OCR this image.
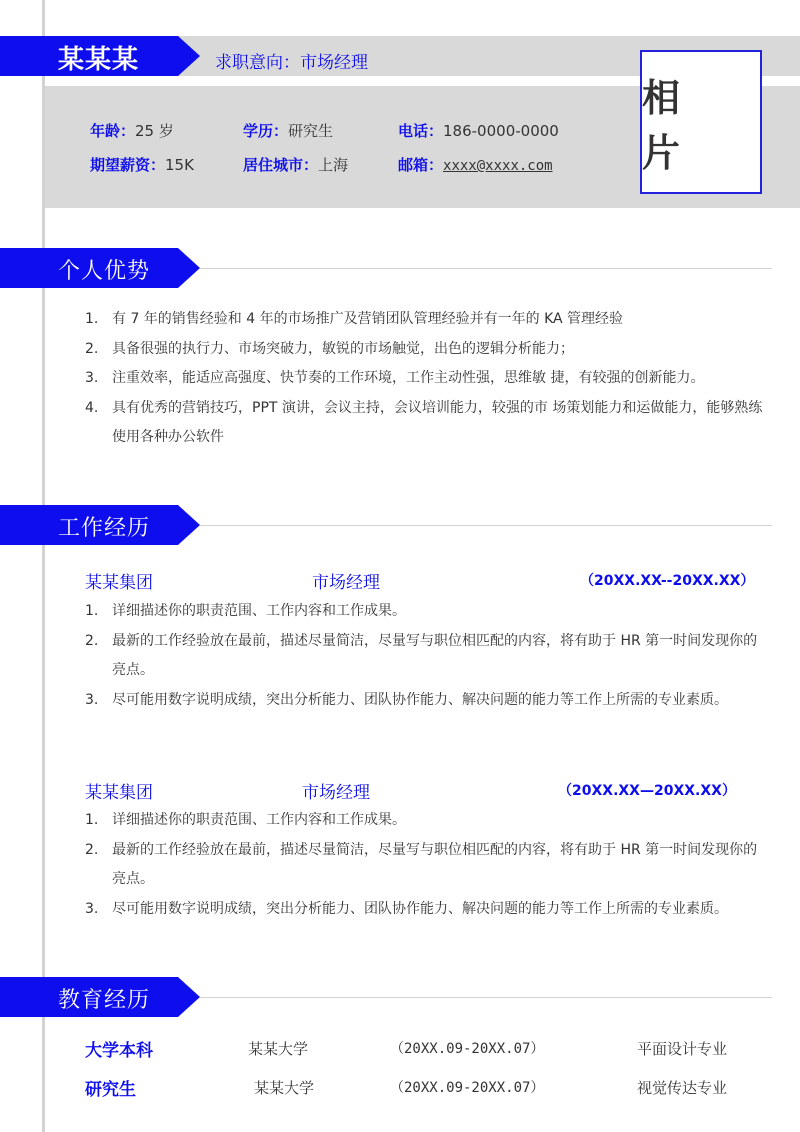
某某某	求职意向：市场经理
年龄：25 岁	学历：研究生	电话：186-0000-0000
期望薪资：15K	居住城市：上海	邮箱：xxxx@xxxx.com
相 片
个人优势
1. 有 7 年的销售经验和 4 年的市场推广及营销团队管理经验并有一年的 KA 管理经验
2. 具备很强的执行力、市场突破力，敏锐的市场触觉，出色的逻辑分析能力；
3. 注重效率，能适应高强度、快节奏的工作环境，工作主动性强，思维敏 捷，有较强的创新能力。
4. 具有优秀的营销技巧，PPT 演讲，会议主持，会议培训能力，较强的市 场策划能力和运做能力，能够熟练使用各种办公软件
工作经历
某某集团	市场经理	（20XX.XX--20XX.XX）
1. 详细描述你的职责范围、工作内容和工作成果。
2. 最新的工作经验放在最前，描述尽量简洁，尽量写与职位相匹配的内容，将有助于 HR 第一时间发现你的亮点。
3. 尽可能用数字说明成绩，突出分析能力、团队协作能力、解决问题的能力等工作上所需的专业素质。
某某集团	市场经理	（20XX.XX—20XX.XX）
1. 详细描述你的职责范围、工作内容和工作成果。
2. 最新的工作经验放在最前，描述尽量简洁，尽量写与职位相匹配的内容，将有助于 HR 第一时间发现你的亮点。
3. 尽可能用数字说明成绩，突出分析能力、团队协作能力、解决问题的能力等工作上所需的专业素质。
教育经历
大学本科	某某大学	（20XX.09-20XX.07）	平面设计专业
研究生	某某大学	（20XX.09-20XX.07）	视觉传达专业
